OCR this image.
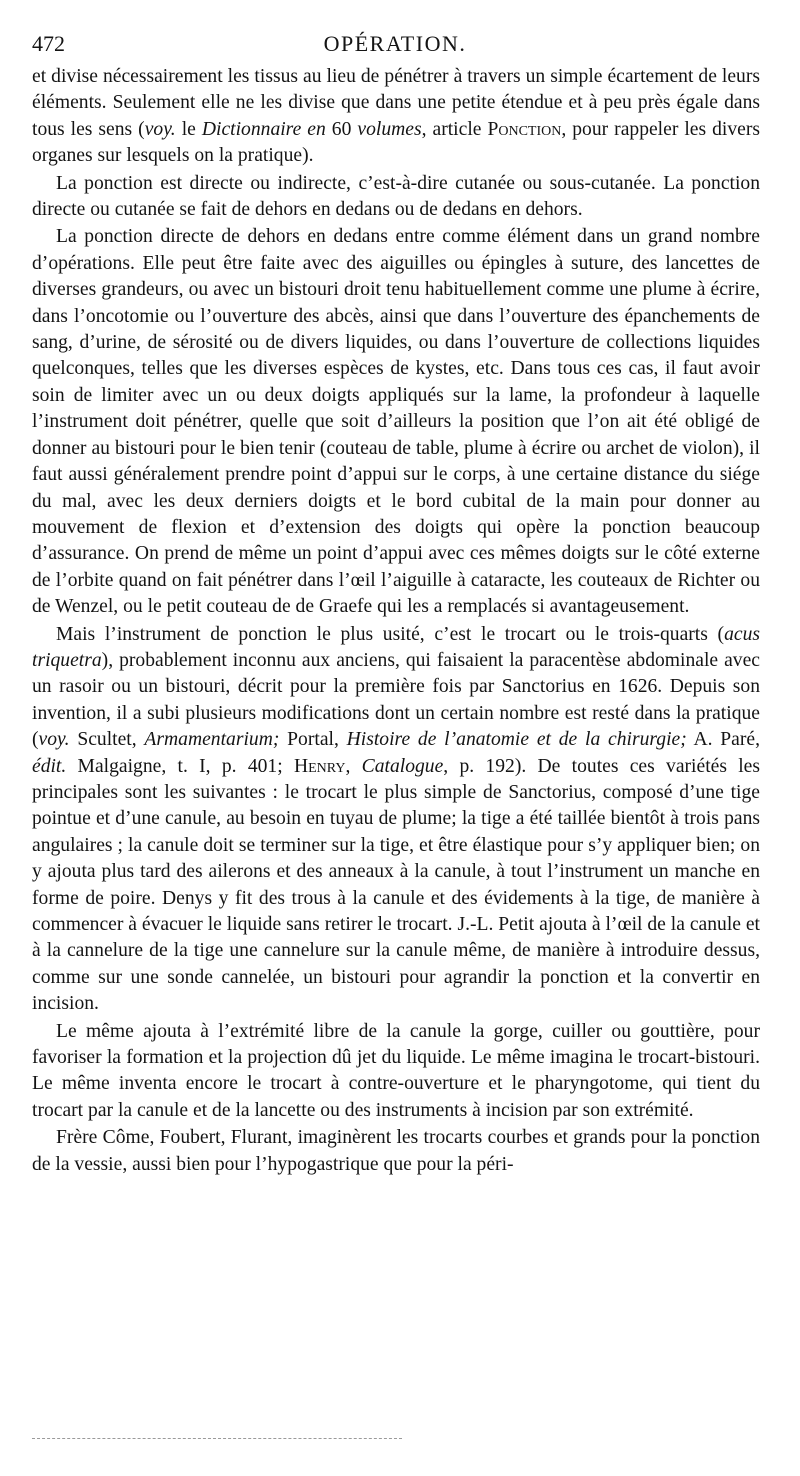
472	OPÉRATION.

et divise nécessairement les tissus au lieu de pénétrer à travers un simple écartement de leurs éléments. Seulement elle ne les divise que dans une petite étendue et à peu près égale dans tous les sens (voy. le Dictionnaire en 60 volumes, article Ponction, pour rappeler les divers organes sur lesquels on la pratique).

La ponction est directe ou indirecte, c’est-à-dire cutanée ou sous-cutanée. La ponction directe ou cutanée se fait de dehors en dedans ou de dedans en dehors.

La ponction directe de dehors en dedans entre comme élément dans un grand nombre d’opérations. Elle peut être faite avec des aiguilles ou épingles à suture, des lancettes de diverses grandeurs, ou avec un bistouri droit tenu habituellement comme une plume à écrire, dans l’oncotomie ou l’ouverture des abcès, ainsi que dans l’ouverture des épanchements de sang, d’urine, de sérosité ou de divers liquides, ou dans l’ouverture de collections liquides quelconques, telles que les diverses espèces de kystes, etc. Dans tous ces cas, il faut avoir soin de limiter avec un ou deux doigts appliqués sur la lame, la profondeur à laquelle l’instrument doit pénétrer, quelle que soit d’ailleurs la position que l’on ait été obligé de donner au bistouri pour le bien tenir (couteau de table, plume à écrire ou archet de violon), il faut aussi généralement prendre point d’appui sur le corps, à une certaine distance du siége du mal, avec les deux derniers doigts et le bord cubital de la main pour donner au mouvement de flexion et d’extension des doigts qui opère la ponction beaucoup d’assurance. On prend de même un point d’appui avec ces mêmes doigts sur le côté externe de l’orbite quand on fait pénétrer dans l’œil l’aiguille à cataracte, les couteaux de Richter ou de Wenzel, ou le petit couteau de de Graefe qui les a remplacés si avantageusement.

Mais l’instrument de ponction le plus usité, c’est le trocart ou le trois-quarts (acus triquetra), probablement inconnu aux anciens, qui faisaient la paracentèse abdominale avec un rasoir ou un bistouri, décrit pour la première fois par Sanctorius en 1626. Depuis son invention, il a subi plusieurs modifications dont un certain nombre est resté dans la pratique (voy. Scultet, Armamentarium; Portal, Histoire de l’anatomie et de la chirurgie; A. Paré, édit. Malgaigne, t. I, p. 401; Henry, Catalogue, p. 192). De toutes ces variétés les principales sont les suivantes : le trocart le plus simple de Sanctorius, composé d’une tige pointue et d’une canule, au besoin en tuyau de plume; la tige a été taillée bientôt à trois pans angulaires ; la canule doit se terminer sur la tige, et être élastique pour s’y appliquer bien; on y ajouta plus tard des ailerons et des anneaux à la canule, à tout l’instrument un manche en forme de poire. Denys y fit des trous à la canule et des évidements à la tige, de manière à commencer à évacuer le liquide sans retirer le trocart. J.-L. Petit ajouta à l’œil de la canule et à la cannelure de la tige une cannelure sur la canule même, de manière à introduire dessus, comme sur une sonde cannelée, un bistouri pour agrandir la ponction et la convertir en incision.

Le même ajouta à l’extrémité libre de la canule la gorge, cuiller ou gouttière, pour favoriser la formation et la projection dû jet du liquide. Le même imagina le trocart-bistouri. Le même inventa encore le trocart à contre-ouverture et le pharyngotome, qui tient du trocart par la canule et de la lancette ou des instruments à incision par son extrémité.

Frère Côme, Foubert, Flurant, imaginèrent les trocarts courbes et grands pour la ponction de la vessie, aussi bien pour l’hypogastrique que pour la péri-
